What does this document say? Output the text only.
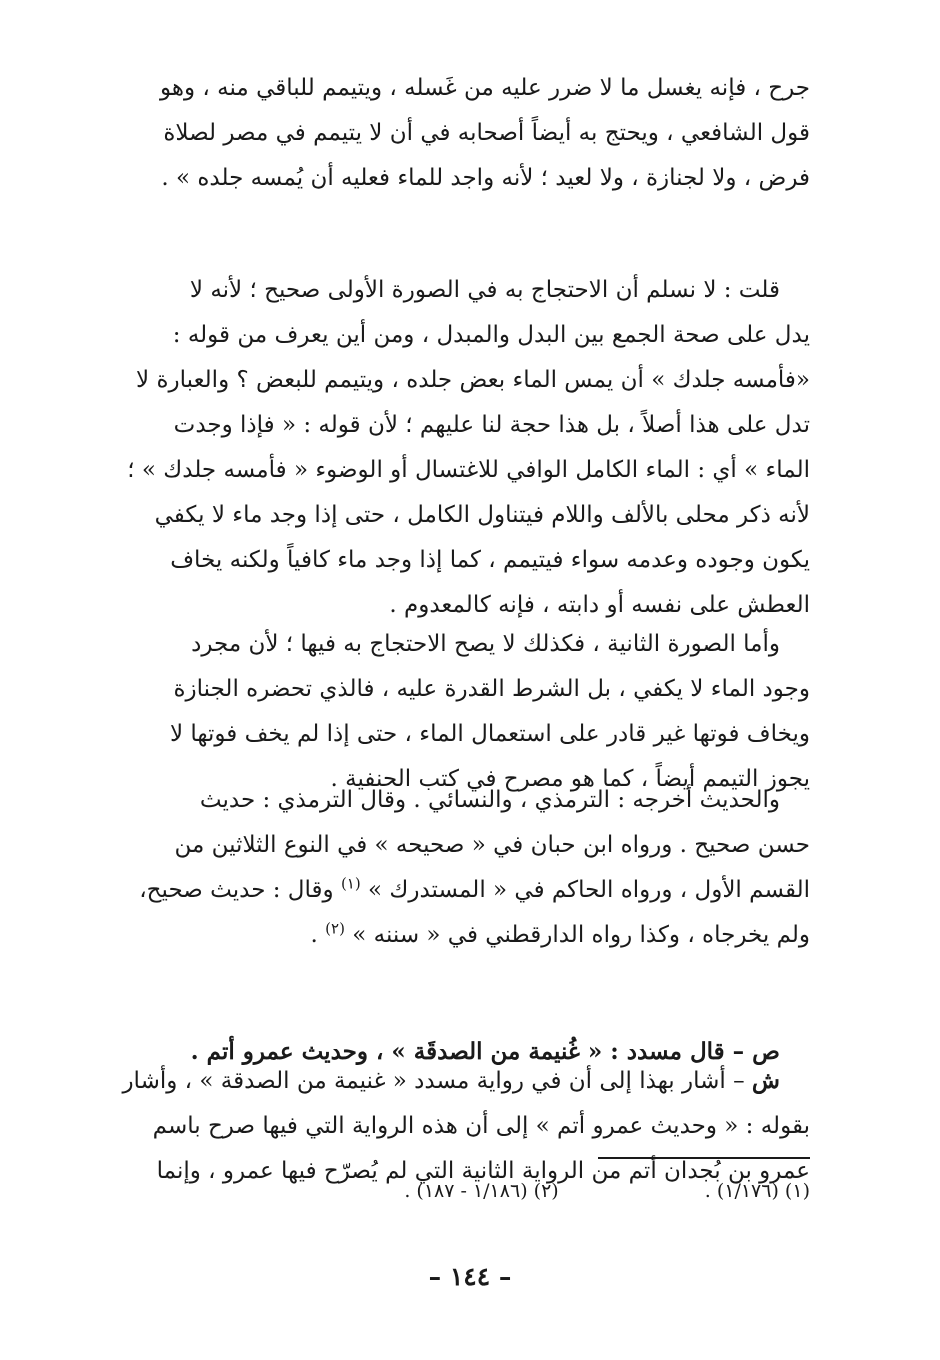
جرح ، فإنه يغسل ما لا ضرر عليه من غَسله ، ويتيمم للباقي منه ، وهو
قول الشافعي ، ويحتج به أيضاً أصحابه في أن لا يتيمم في مصر لصلاة
فرض ، ولا لجنازة ، ولا لعيد ؛ لأنه واجد للماء فعليه أن يُمسه جلده » .

قلت : لا نسلم أن الاحتجاج به في الصورة الأولى صحيح ؛ لأنه لا
يدل على صحة الجمع بين البدل والمبدل ، ومن أين يعرف من قوله :
«فأمسه جلدك » أن يمس الماء بعض جلده ، ويتيمم للبعض ؟ والعبارة لا
تدل على هذا أصلاً ، بل هذا حجة لنا عليهم ؛ لأن قوله : « فإذا وجدت
الماء » أي : الماء الكامل الوافي للاغتسال أو الوضوء « فأمسه جلدك » ؛
لأنه ذكر محلى بالألف واللام فيتناول الكامل ، حتى إذا وجد ماء لا يكفي
يكون وجوده وعدمه سواء فيتيمم ، كما إذا وجد ماء كافياً ولكنه يخاف
العطش على نفسه أو دابته ، فإنه كالمعدوم .

وأما الصورة الثانية ، فكذلك لا يصح الاحتجاج به فيها ؛ لأن مجرد
وجود الماء لا يكفي ، بل الشرط القدرة عليه ، فالذي تحضره الجنازة
ويخاف فوتها غير قادر على استعمال الماء ، حتى إذا لم يخف فوتها لا
يجوز التيمم أيضاً ، كما هو مصرح في كتب الحنفية .

والحديث أخرجه : الترمذي ، والنسائي . وقال الترمذي : حديث
حسن صحيح . ورواه ابن حبان في « صحيحه » في النوع الثلاثين من
القسم الأول ، ورواه الحاكم في « المستدرك » $^{(١)}$ وقال : حديث صحيح،
ولم يخرجاه ، وكذا رواه الدارقطني في « سننه » $^{(٢)}$ .

ص – قال مسدد : « غُنيمة من الصدقَة » ، وحديث عمرو أتم .

ش – أشار بهذا إلى أن في رواية مسدد « غنيمة من الصدقة » ، وأشار
بقوله : « وحديث عمرو أتم » إلى أن هذه الرواية التي فيها صرح باسم
عمرو بن بُجدان أتم من الرواية الثانية التي لم يُصرّح فيها عمرو ، وإنما

(١) (١/١٧٦) . (٢) (١/١٨٦ - ١٨٧) .
– ١٤٤ –
